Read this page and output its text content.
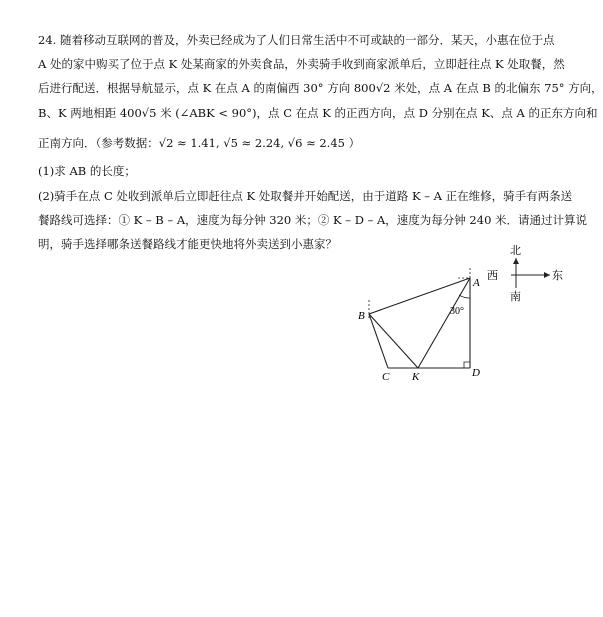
24. 随着移动互联网的普及，外卖已经成为了人们日常生活中不可或缺的一部分．某天，小惠在位于点
A 处的家中购买了位于点 K 处某商家的外卖食品，外卖骑手收到商家派单后，立即赶往点 K 处取餐，然
后进行配送．根据导航显示，点 K 在点 A 的南偏西 30° 方向 800√2 米处，点 A 在点 B 的北偏东 75° 方向，
B、K 两地相距 400√5 米 (∠ABK < 90°)，点 C 在点 K 的正西方向，点 D 分别在点 K、点 A 的正东方向和
正南方向．（参考数据：√2 ≈ 1.41, √5 ≈ 2.24, √6 ≈ 2.45 ）
(1)求 AB 的长度；
(2)骑手在点 C 处收到派单后立即赶往点 K 处取餐并开始配送，由于道路 K – A 正在维修，骑手有两条送
餐路线可选择：① K – B – A，速度为每分钟 320 米；② K – D – A，速度为每分钟 240 米．请通过计算说
明，骑手选择哪条送餐路线才能更快地将外卖送到小惠家？	北
南
东
西
30°
A
B
C K	D
